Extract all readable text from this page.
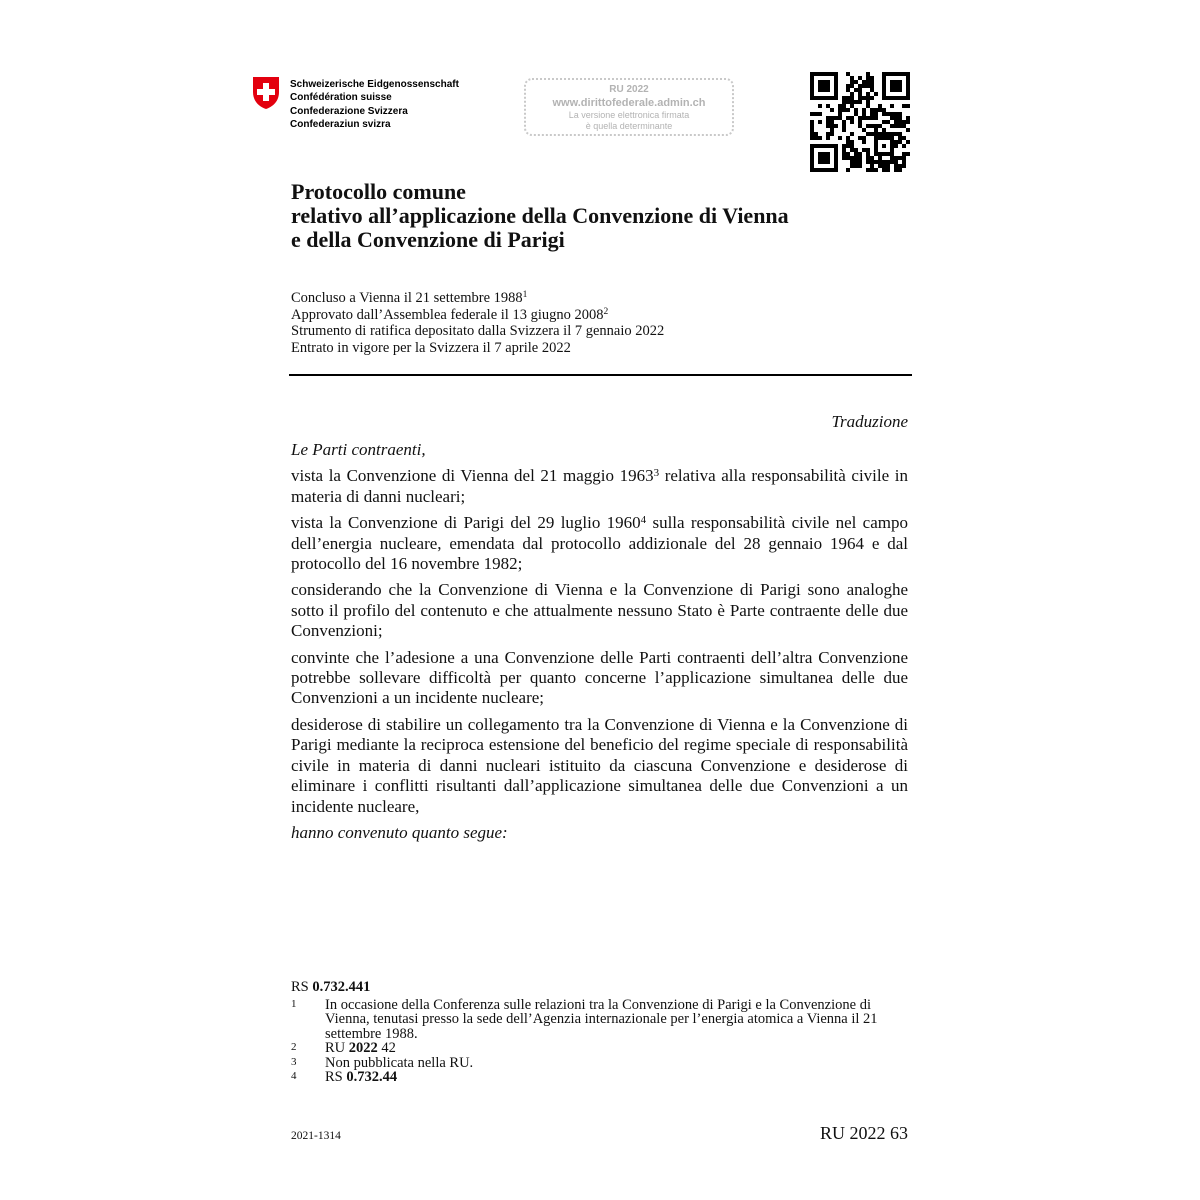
Schweizerische Eidgenossenschaft
Confédération suisse
Confederazione Svizzera
Confederaziun svizra
RU 2022
www.dirittofederale.admin.ch
La versione elettronica firmata
è quella determinante
Protocollo comune
relativo all’applicazione della Convenzione di Vienna
e della Convenzione di Parigi
Concluso a Vienna il 21 settembre 1988$^1$
Approvato dall’Assemblea federale il 13 giugno 2008$^2$
Strumento di ratifica depositato dalla Svizzera il 7 gennaio 2022
Entrato in vigore per la Svizzera il 7 aprile 2022
Traduzione

Le Parti contraenti,

vista la Convenzione di Vienna del 21 maggio 1963$^3$ relativa alla responsabilità civile in materia di danni nucleari;

vista la Convenzione di Parigi del 29 luglio 1960$^4$ sulla responsabilità civile nel campo dell’energia nucleare, emendata dal protocollo addizionale del 28 gennaio 1964 e dal protocollo del 16 novembre 1982;

considerando che la Convenzione di Vienna e la Convenzione di Parigi sono analoghe sotto il profilo del contenuto e che attualmente nessuno Stato è Parte contraente delle due Convenzioni;

convinte che l’adesione a una Convenzione delle Parti contraenti dell’altra Convenzione potrebbe sollevare difficoltà per quanto concerne l’applicazione simultanea delle due Convenzioni a un incidente nucleare;

desiderose di stabilire un collegamento tra la Convenzione di Vienna e la Convenzione di Parigi mediante la reciproca estensione del beneficio del regime speciale di responsabilità civile in materia di danni nucleari istituito da ciascuna Convenzione e desiderose di eliminare i conflitti risultanti dall’applicazione simultanea delle due Convenzioni a un incidente nucleare,

hanno convenuto quanto segue:

RS 0.732.441
1	In occasione della Conferenza sulle relazioni tra la Convenzione di Parigi e la Convenzione di Vienna, tenutasi presso la sede dell’Agenzia internazionale per l’energia atomica a Vienna il 21 settembre 1988.
2	RU 2022 42
3	Non pubblicata nella RU.
4	RS 0.732.44
2021-1314	RU 2022 63
